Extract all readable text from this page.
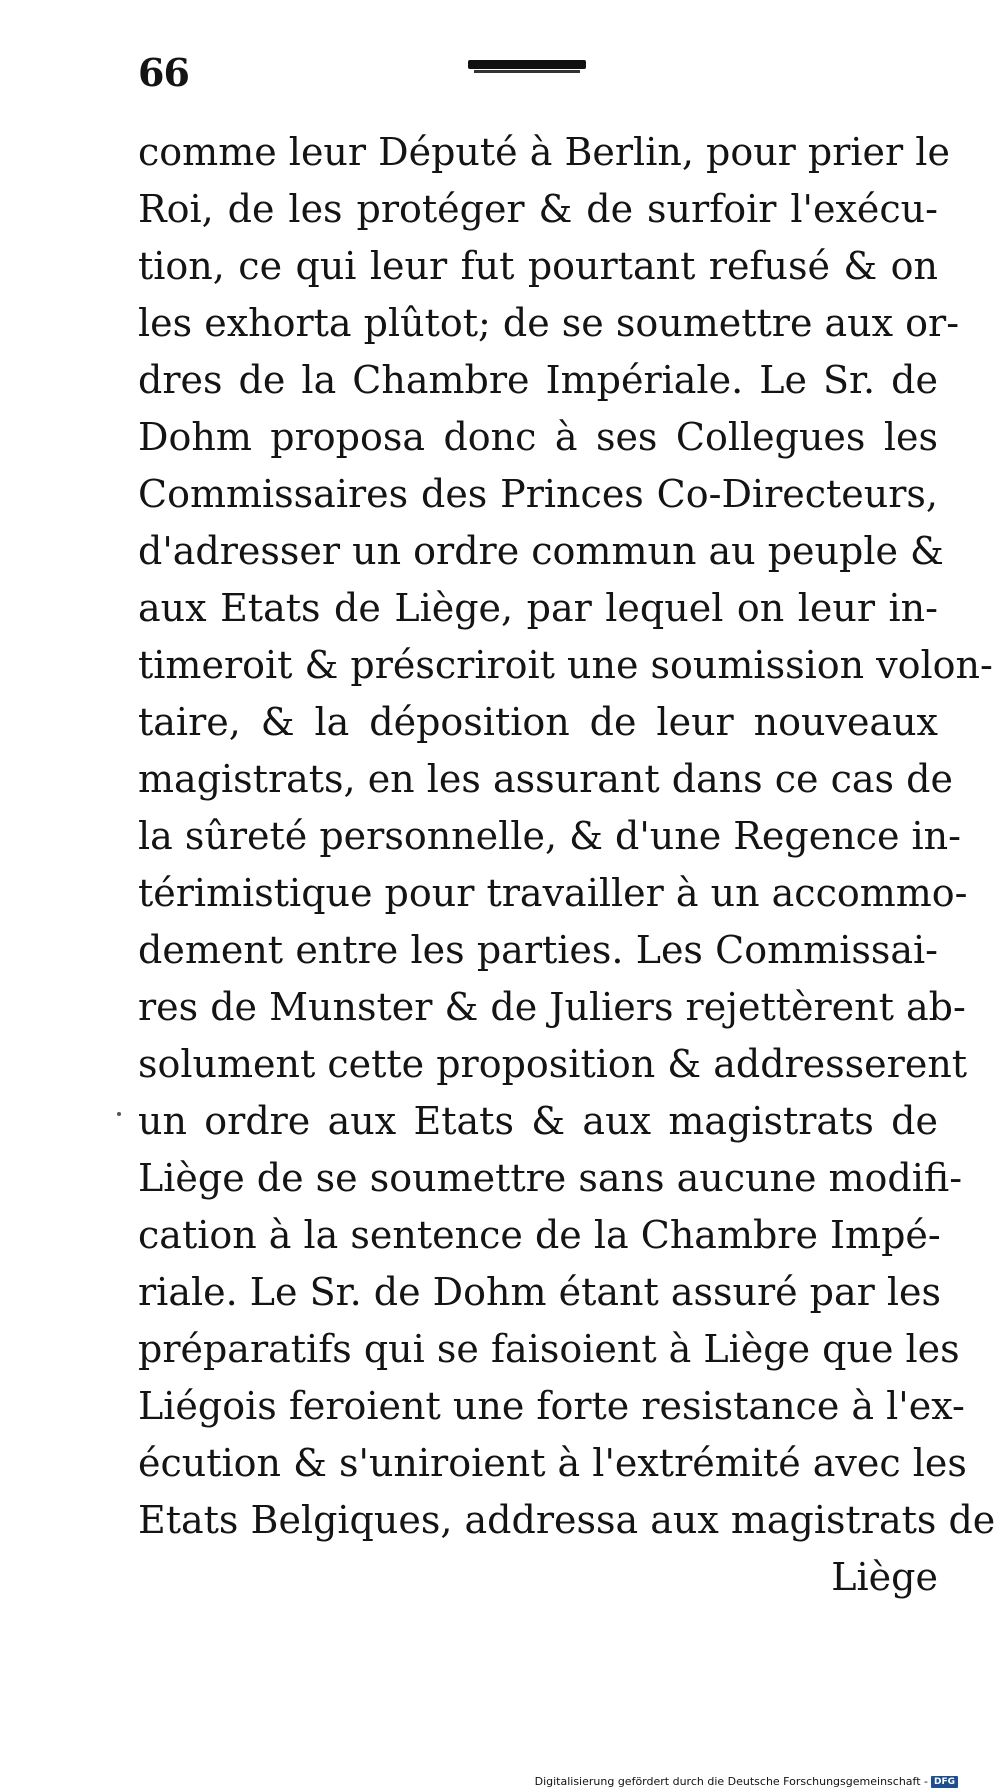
66
comme leur Député à Berlin, pour prier le
Roi, de les protéger & de surfoir l'exécu-
tion, ce qui leur fut pourtant refusé & on
les exhorta plûtot; de se soumettre aux or-
dres de la Chambre Impériale. Le Sr. de
Dohm proposa donc à ses Collegues les
Commissaires des Princes Co-Directeurs,
d'adresser un ordre commun au peuple &
aux Etats de Liège, par lequel on leur in-
timeroit & préscriroit une soumission volon-
taire, & la déposition de leur nouveaux
magistrats, en les assurant dans ce cas de
la sûreté personnelle, & d'une Regence in-
térimistique pour travailler à un accommo-
dement entre les parties. Les Commissai-
res de Munster & de Juliers rejettèrent ab-
solument cette proposition & addresserent
un ordre aux Etats & aux magistrats de
Liège de se soumettre sans aucune modifi-
cation à la sentence de la Chambre Impé-
riale. Le Sr. de Dohm étant assuré par les
préparatifs qui se faisoient à Liège que les
Liégois feroient une forte resistance à l'ex-
écution & s'uniroient à l'extrémité avec les
Etats Belgiques, addressa aux magistrats de
Liège
Digitalisierung gefördert durch die Deutsche Forschungsgemeinschaft - DFG
